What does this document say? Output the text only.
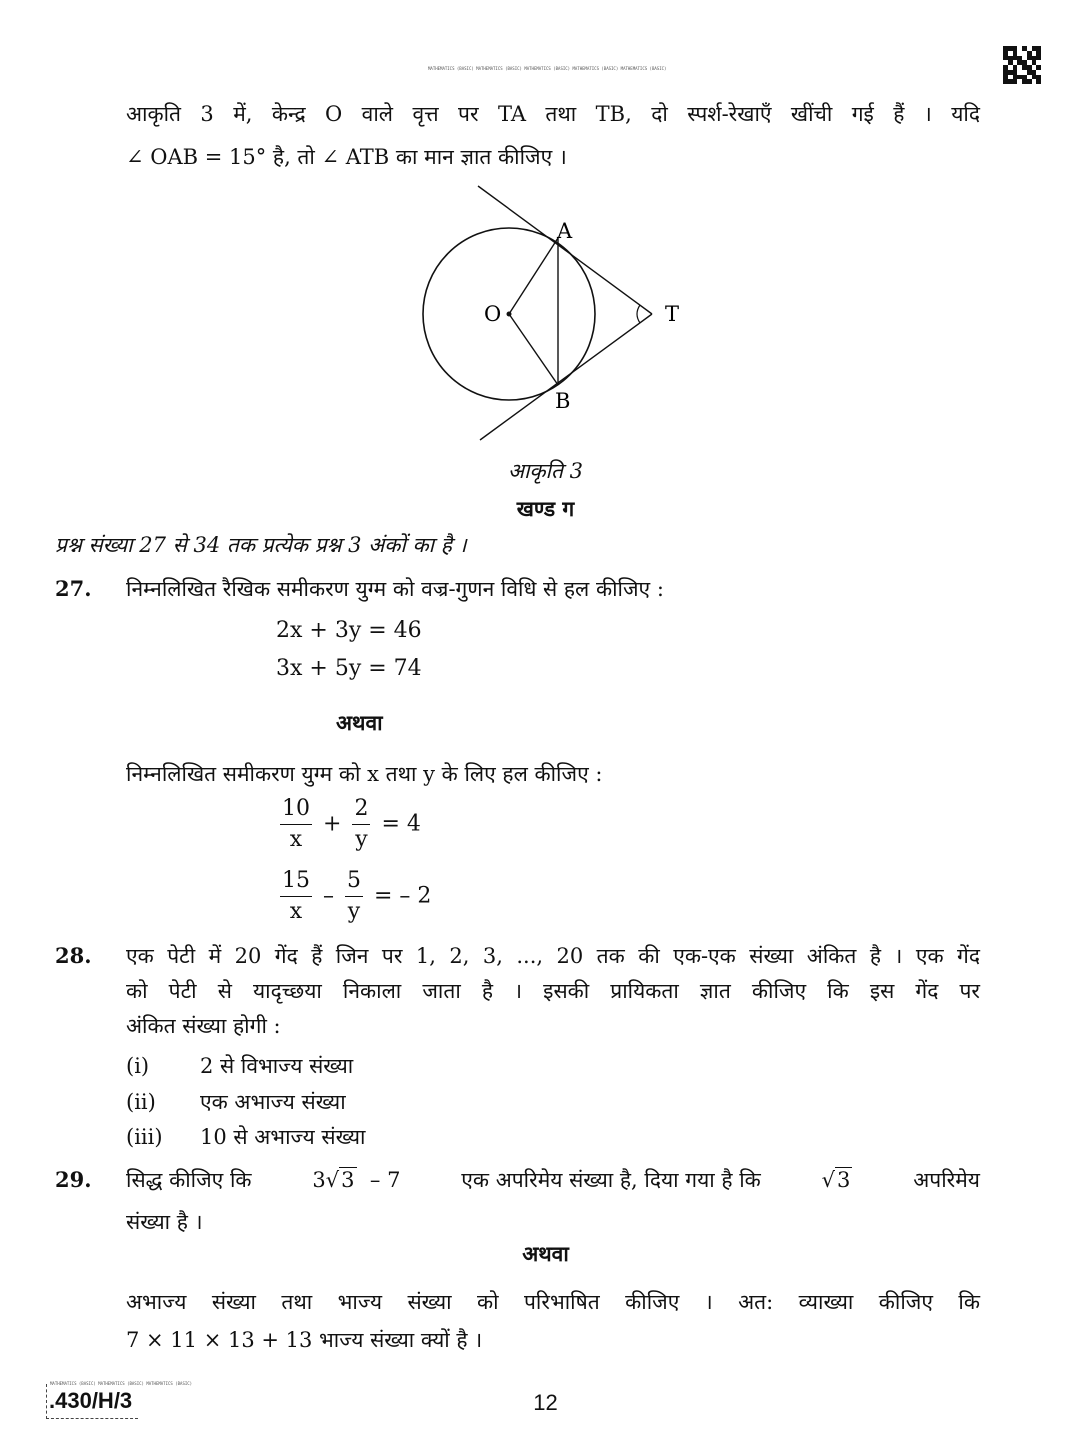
MATHEMATICS (BASIC) MATHEMATICS (BASIC) MATHEMATICS (BASIC) MATHEMATICS (BASIC) MATHEMATICS (BASIC)
आकृति 3 में, केन्द्र O वाले वृत्त पर TA तथा TB, दो स्पर्श-रेखाएँ खींची गई हैं । यदि
∠ OAB = 15° है, तो ∠ ATB का मान ज्ञात कीजिए ।
A
B
O	T
आकृति 3
खण्ड ग
प्रश्न संख्या 27 से 34 तक प्रत्येक प्रश्न 3 अंकों का है ।
27. निम्नलिखित रैखिक समीकरण युग्म को वज्र-गुणन विधि से हल कीजिए :
2x + 3y = 46
3x + 5y = 74
अथवा
निम्नलिखित समीकरण युग्म को x तथा y के लिए हल कीजिए :
$\frac{10}{x} + \frac{2}{y} = 4$
$\frac{15}{x} - \frac{5}{y}$ = – 2
28. एक पेटी में 20 गेंद हैं जिन पर 1, 2, 3, ..., 20 तक की एक-एक संख्या अंकित है । एक गेंद
को पेटी से यादृच्छया निकाला जाता है । इसकी प्रायिकता ज्ञात कीजिए कि इस गेंद पर
अंकित संख्या होगी :
(i) 2 से विभाज्य संख्या
(ii) एक अभाज्य संख्या
(iii) 10 से अभाज्य संख्या
29. सिद्ध कीजिए कि	3√3 – 7	एक अपरिमेय संख्या है, दिया गया है कि	√3	अपरिमेय
संख्या है ।
अथवा
अभाज्य संख्या तथा भाज्य संख्या को परिभाषित कीजिए । अत: व्याख्या कीजिए कि
7 × 11 × 13 + 13 भाज्य संख्या क्यों है ।
MATHEMATICS (BASIC) MATHEMATICS (BASIC) MATHEMATICS (BASIC)
.430/H/3	12
